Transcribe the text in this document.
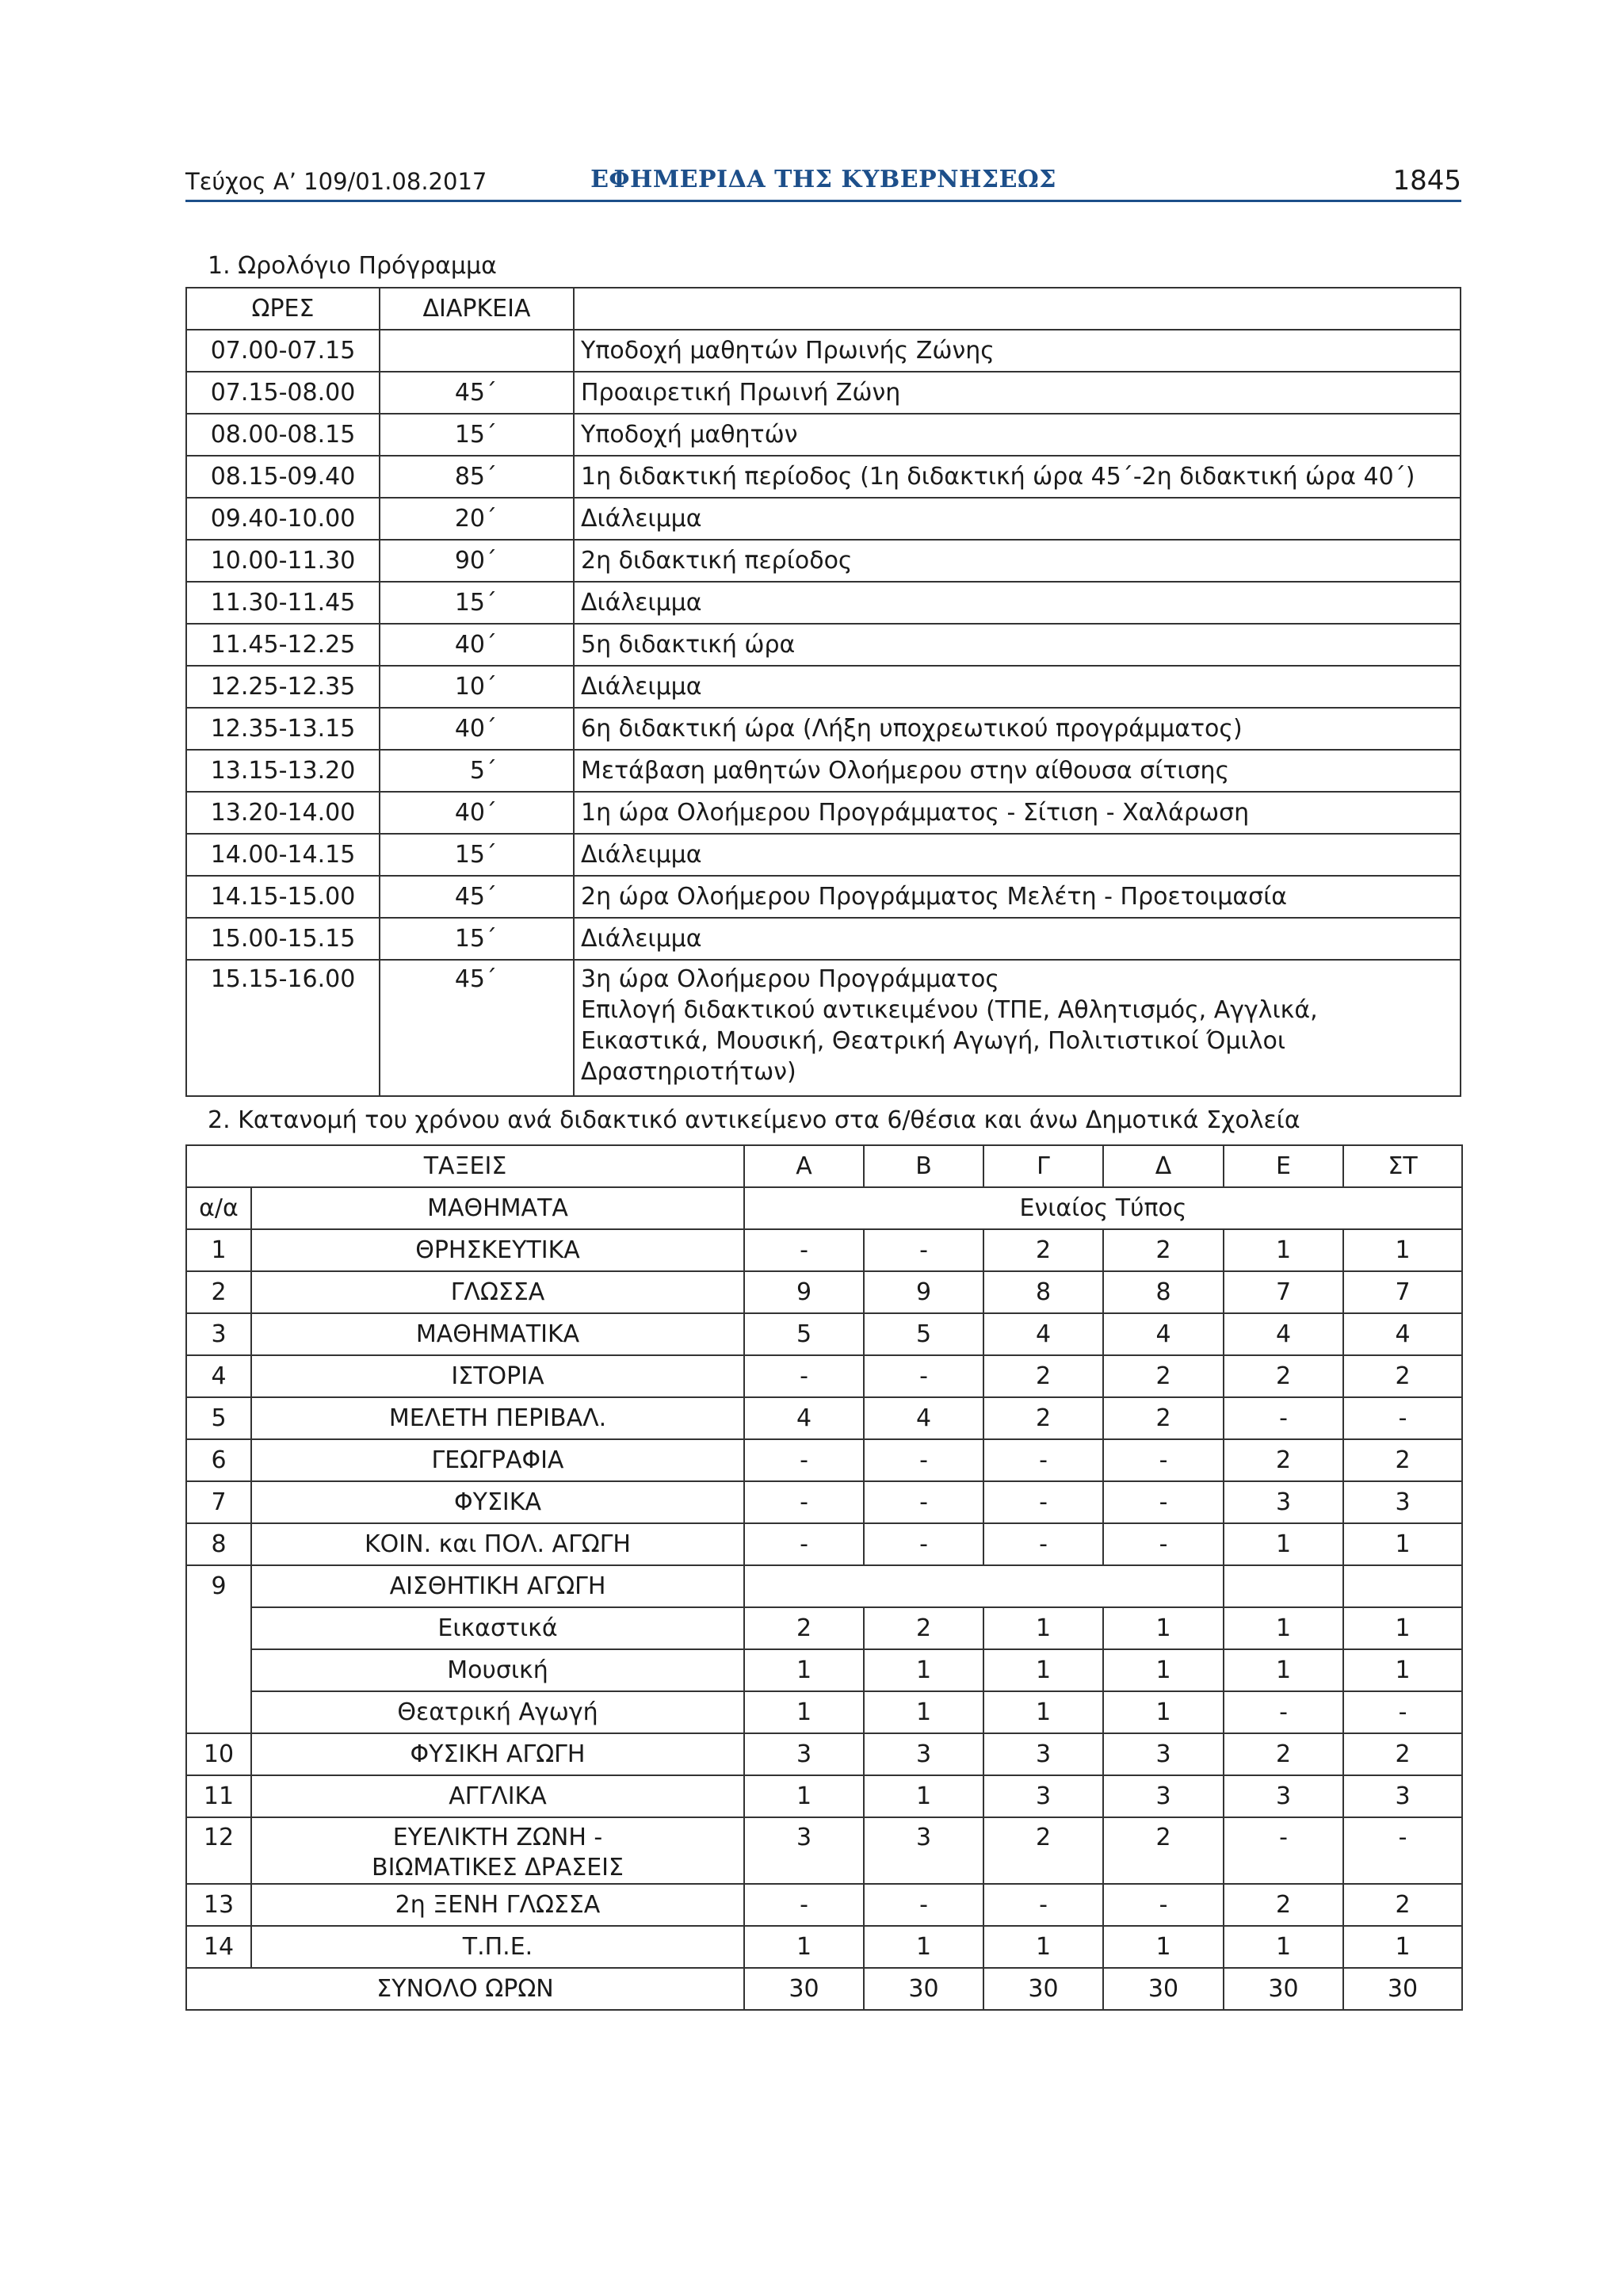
Τεύχος Α’ 109/01.08.2017	ΕΦΗΜΕΡΙΔΑ ΤΗΣ ΚΥΒΕΡΝΗΣΕΩΣ	1845
1. Ωρολόγιο Πρόγραμμα
ΩΡΕΣ	ΔΙΑΡΚΕΙΑ	
07.00-07.15		Υποδοχή μαθητών Πρωινής Ζώνης
07.15-08.00	45΄	Προαιρετική Πρωινή Ζώνη
08.00-08.15	15΄	Υποδοχή μαθητών
08.15-09.40	85΄	1η διδακτική περίοδος (1η διδακτική ώρα 45΄-2η διδακτική ώρα 40΄)
09.40-10.00	20΄	Διάλειμμα
10.00-11.30	90΄	2η διδακτική περίοδος
11.30-11.45	15΄	Διάλειμμα
11.45-12.25	40΄	5η διδακτική ώρα
12.25-12.35	10΄	Διάλειμμα
12.35-13.15	40΄	6η διδακτική ώρα (Λήξη υποχρεωτικού προγράμματος)
13.15-13.20	5΄	Μετάβαση μαθητών Ολοήμερου στην αίθουσα σίτισης
13.20-14.00	40΄	1η ώρα Ολοήμερου Προγράμματος - Σίτιση - Χαλάρωση
14.00-14.15	15΄	Διάλειμμα
14.15-15.00	45΄	2η ώρα Ολοήμερου Προγράμματος Μελέτη - Προετοιμασία
15.00-15.15	15΄	Διάλειμμα
15.15-16.00	45΄	3η ώρα Ολοήμερου Προγράμματος
Επιλογή διδακτικού αντικειμένου (ΤΠΕ, Αθλητισμός, Αγγλικά,
Εικαστικά, Μουσική, Θεατρική Αγωγή, Πολιτιστικοί Όμιλοι
Δραστηριοτήτων)
2. Κατανομή του χρόνου ανά διδακτικό αντικείμενο στα 6/θέσια και άνω Δημοτικά Σχολεία
ΤΑΞΕΙΣ		Α	Β	Γ	Δ	Ε	ΣΤ
α/α	ΜΑΘΗΜΑΤΑ	Ενιαίος Τύπος					
1	ΘΡΗΣΚΕΥΤΙΚΑ	-	-	2	2	1	1
2	ΓΛΩΣΣΑ	9	9	8	8	7	7
3	ΜΑΘΗΜΑΤΙΚΑ	5	5	4	4	4	4
4	ΙΣΤΟΡΙΑ	-	-	2	2	2	2
5	ΜΕΛΕΤΗ ΠΕΡΙΒΑΛ.	4	4	2	2	-	-
6	ΓΕΩΓΡΑΦΙΑ	-	-	-	-	2	2
7	ΦΥΣΙΚΑ	-	-	-	-	3	3
8	ΚΟΙΝ. και ΠΟΛ. ΑΓΩΓΗ	-	-	-	-	1	1
9	ΑΙΣΘΗΤΙΚΗ ΑΓΩΓΗ						
	Εικαστικά	2	2	1	1	1	1
	Μουσική	1	1	1	1	1	1
	Θεατρική Αγωγή	1	1	1	1	-	-
10	ΦΥΣΙΚΗ ΑΓΩΓΗ	3	3	3	3	2	2
11	ΑΓΓΛΙΚΑ	1	1	3	3	3	3
12	ΕΥΕΛΙΚΤΗ ΖΩΝΗ -
ΒΙΩΜΑΤΙΚΕΣ ΔΡΑΣΕΙΣ	3	3	2	2	-	-
13	2η ΞΕΝΗ ΓΛΩΣΣΑ	-	-	-	-	2	2
14	Τ.Π.Ε.	1	1	1	1	1	1
ΣΥΝΟΛΟ ΩΡΩΝ		30	30	30	30	30	30
